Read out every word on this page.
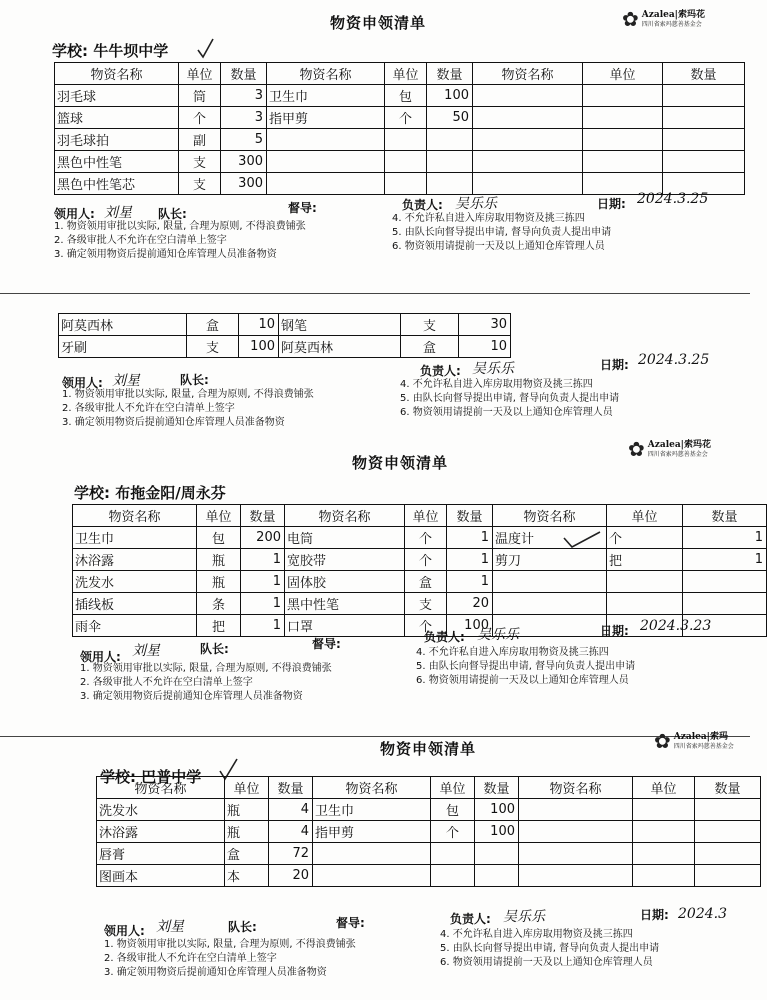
物资申领清单	✿ Azalea|索玛花
四川省索玛慈善基金会
学校: 牛牛坝中学
物资名称	单位	数量	物资名称	单位	数量	物资名称	单位	数量
羽毛球	筒	3	卫生巾	包	100			
篮球	个	3	指甲剪	个	50			
羽毛球拍	副	5						
黑色中性笔	支	300						
黑色中性笔芯	支	300						
领用人: 刘星 队长:	督导:	负责人: 吴乐乐	日期: 2024.3.25
1. 物资领用审批以实际, 限量, 合理为原则, 不得浪费铺张
2. 各级审批人不允许在空白清单上签字
3. 确定领用物资后提前通知仓库管理人员准备物资
4. 不允许私自进入库房取用物资及挑三拣四
5. 由队长向督导提出申请, 督导向负责人提出申请
6. 物资领用请提前一天及以上通知仓库管理人员
阿莫西林	盒	10	钢笔	支	30
牙刷	支	100	阿莫西林	盒	10
领用人: 刘星	队长:
负责人: 吴乐乐	日期: 2024.3.25
1. 物资领用审批以实际, 限量, 合理为原则, 不得浪费铺张
2. 各级审批人不允许在空白清单上签字
3. 确定领用物资后提前通知仓库管理人员准备物资
4. 不允许私自进入库房取用物资及挑三拣四
5. 由队长向督导提出申请, 督导向负责人提出申请
6. 物资领用请提前一天及以上通知仓库管理人员
物资申领清单
✿ Azalea|索玛花
四川省索玛慈善基金会
学校: 布拖金阳/周永芬
物资名称	单位	数量	物资名称	单位	数量	物资名称	单位	数量
卫生巾	包	200	电筒	个	1	温度计	个	1
沐浴露	瓶	1	宽胶带	个	1	剪刀	把	1
洗发水	瓶	1	固体胶	盒	1			
插线板	条	1	黑中性笔	支	20			
雨伞	把	1	口罩	个	100			
领用人: 刘星	队长:	督导:	负责人: 吴乐乐	日期: 2024.3.23
1. 物资领用审批以实际, 限量, 合理为原则, 不得浪费铺张
2. 各级审批人不允许在空白清单上签字
3. 确定领用物资后提前通知仓库管理人员准备物资
4. 不允许私自进入库房取用物资及挑三拣四
5. 由队长向督导提出申请, 督导向负责人提出申请
6. 物资领用请提前一天及以上通知仓库管理人员
物资申领清单	✿ Azalea|索玛
四川省索玛慈善基金会
学校: 巴普中学
物资名称	单位	数量	物资名称	单位	数量	物资名称	单位	数量
洗发水	瓶	4	卫生巾	包	100			
沐浴露	瓶	4	指甲剪	个	100			
唇膏	盒	72						
图画本	本	20						
领用人: 刘星	队长:	督导:	负责人: 吴乐乐	日期: 2024.3
1. 物资领用审批以实际, 限量, 合理为原则, 不得浪费铺张
2. 各级审批人不允许在空白清单上签字
3. 确定领用物资后提前通知仓库管理人员准备物资
4. 不允许私自进入库房取用物资及挑三拣四
5. 由队长向督导提出申请, 督导向负责人提出申请
6. 物资领用请提前一天及以上通知仓库管理人员
